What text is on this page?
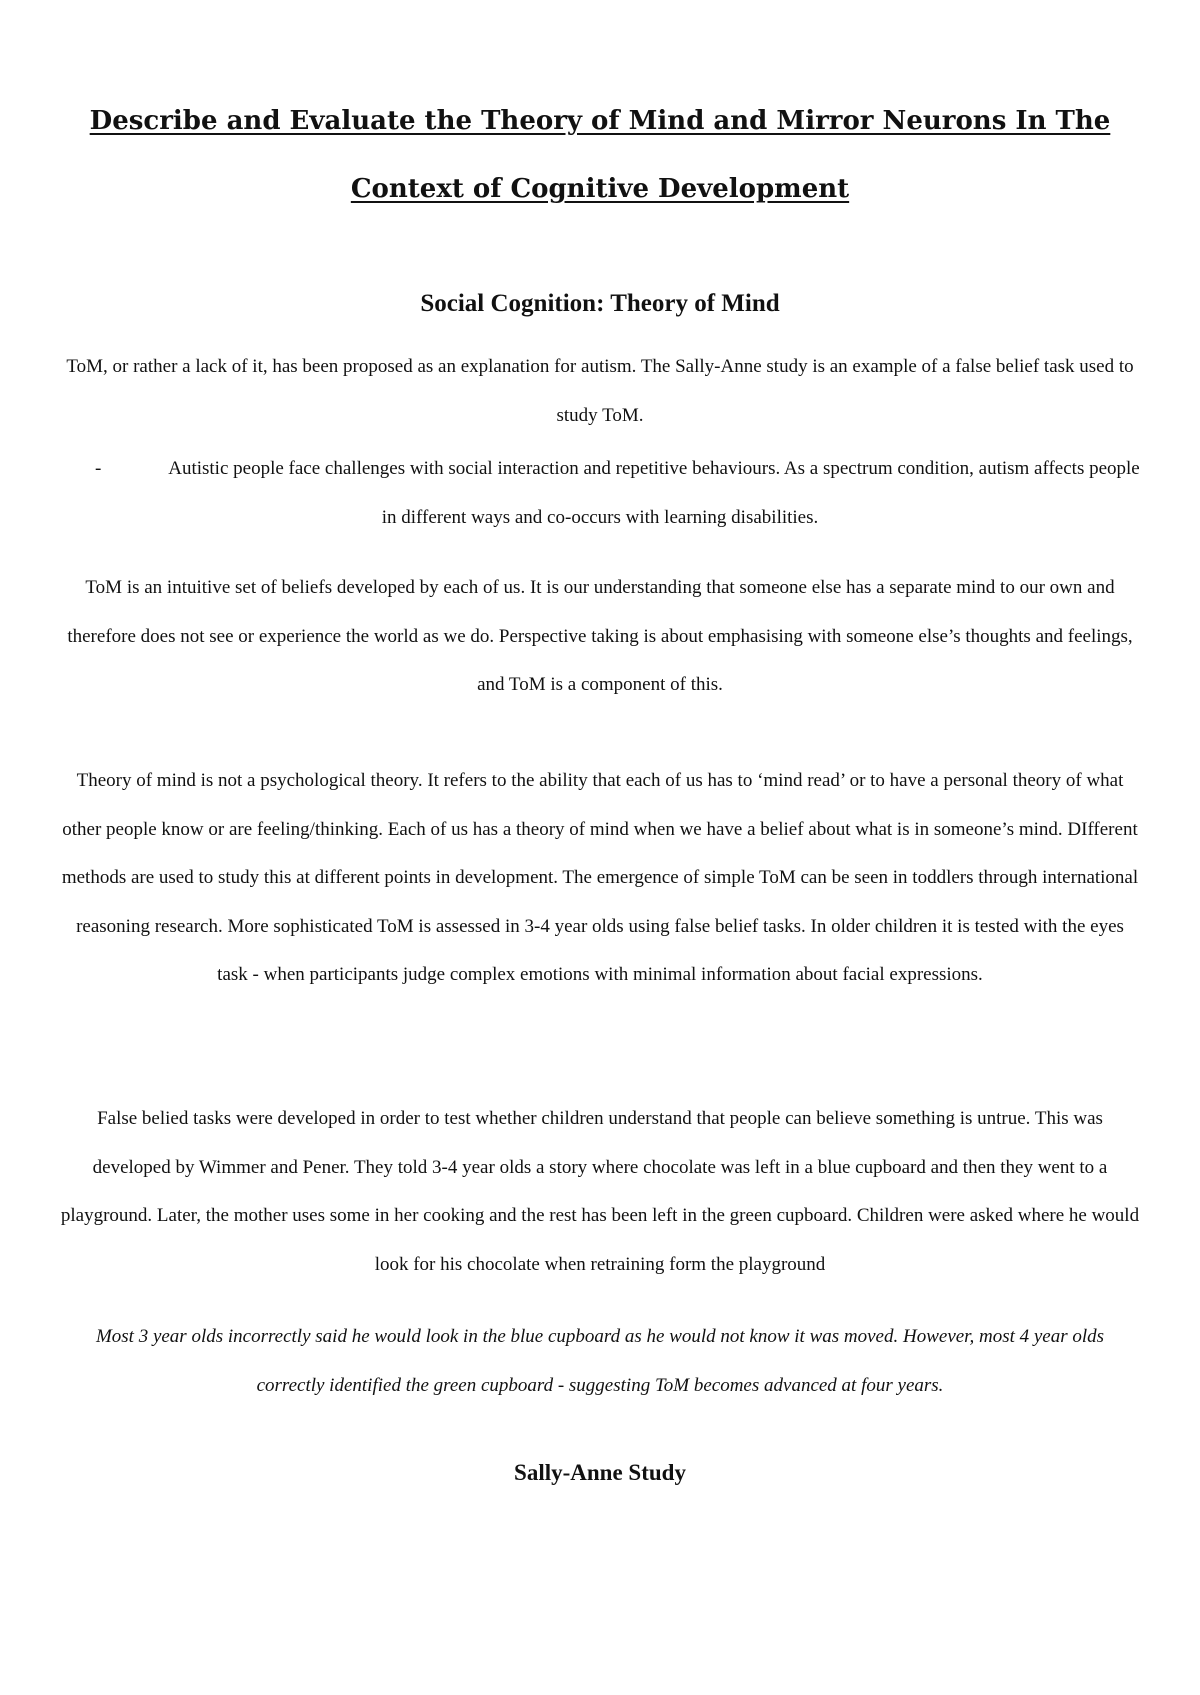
Describe and Evaluate the Theory of Mind and Mirror Neurons In The Context of Cognitive Development
Social Cognition: Theory of Mind

ToM, or rather a lack of it, has been proposed as an explanation for autism. The Sally-Anne study is an example of a false belief task used to study ToM.

-	Autistic people face challenges with social interaction and repetitive behaviours. As a spectrum condition, autism affects people in different ways and co-occurs with learning disabilities.

ToM is an intuitive set of beliefs developed by each of us. It is our understanding that someone else has a separate mind to our own and therefore does not see or experience the world as we do. Perspective taking is about emphasising with someone else’s thoughts and feelings, and ToM is a component of this.

Theory of mind is not a psychological theory. It refers to the ability that each of us has to ‘mind read’ or to have a personal theory of what other people know or are feeling/thinking. Each of us has a theory of mind when we have a belief about what is in someone’s mind. DIfferent methods are used to study this at different points in development. The emergence of simple ToM can be seen in toddlers through international reasoning research. More sophisticated ToM is assessed in 3-4 year olds using false belief tasks. In older children it is tested with the eyes task - when participants judge complex emotions with minimal information about facial expressions.

False belied tasks were developed in order to test whether children understand that people can believe something is untrue. This was developed by Wimmer and Pener. They told 3-4 year olds a story where chocolate was left in a blue cupboard and then they went to a playground. Later, the mother uses some in her cooking and the rest has been left in the green cupboard. Children were asked where he would look for his chocolate when retraining form the playground

Most 3 year olds incorrectly said he would look in the blue cupboard as he would not know it was moved. However, most 4 year olds correctly identified the green cupboard - suggesting ToM becomes advanced at four years.

Sally-Anne Study
